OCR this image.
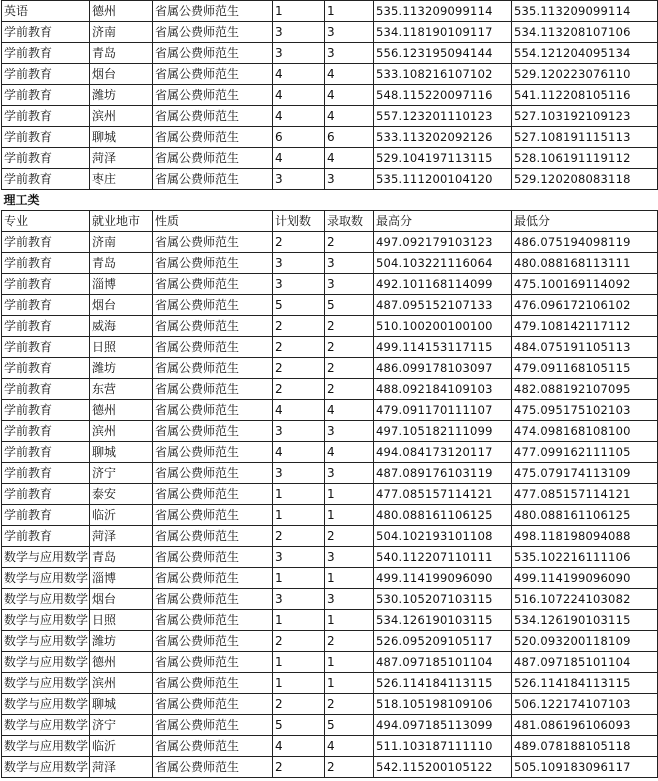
英语	德州	省属公费师范生	1	1	535.113209099114	535.113209099114
学前教育	济南	省属公费师范生	3	3	534.118190109117	534.113208107106
学前教育	青岛	省属公费师范生	3	3	556.123195094144	554.121204095134
学前教育	烟台	省属公费师范生	4	4	533.108216107102	529.120223076110
学前教育	潍坊	省属公费师范生	4	4	548.115220097116	541.112208105116
学前教育	滨州	省属公费师范生	4	4	557.123201110123	527.103192109123
学前教育	聊城	省属公费师范生	6	6	533.113202092126	527.108191115113
学前教育	菏泽	省属公费师范生	4	4	529.104197113115	528.106191119112
学前教育	枣庄	省属公费师范生	3	3	535.111200104120	529.120208083118
理工类						
专业	就业地市	性质	计划数	录取数	最高分	最低分
学前教育	济南	省属公费师范生	2	2	497.092179103123	486.075194098119
学前教育	青岛	省属公费师范生	3	3	504.103221116064	480.088168113111
学前教育	淄博	省属公费师范生	3	3	492.101168114099	475.100169114092
学前教育	烟台	省属公费师范生	5	5	487.095152107133	476.096172106102
学前教育	威海	省属公费师范生	2	2	510.100200100100	479.108142117112
学前教育	日照	省属公费师范生	2	2	499.114153117115	484.075191105113
学前教育	潍坊	省属公费师范生	2	2	486.099178103097	479.091168105115
学前教育	东营	省属公费师范生	2	2	488.092184109103	482.088192107095
学前教育	德州	省属公费师范生	4	4	479.091170111107	475.095175102103
学前教育	滨州	省属公费师范生	3	3	497.105182111099	474.098168108100
学前教育	聊城	省属公费师范生	4	4	494.084173120117	477.099162111105
学前教育	济宁	省属公费师范生	3	3	487.089176103119	475.079174113109
学前教育	泰安	省属公费师范生	1	1	477.085157114121	477.085157114121
学前教育	临沂	省属公费师范生	1	1	480.088161106125	480.088161106125
学前教育	菏泽	省属公费师范生	2	2	504.102193101108	498.118198094088
数学与应用数学	青岛	省属公费师范生	3	3	540.112207110111	535.102216111106
数学与应用数学	淄博	省属公费师范生	1	1	499.114199096090	499.114199096090
数学与应用数学	烟台	省属公费师范生	3	3	530.105207103115	516.107224103082
数学与应用数学	日照	省属公费师范生	1	1	534.126190103115	534.126190103115
数学与应用数学	潍坊	省属公费师范生	2	2	526.095209105117	520.093200118109
数学与应用数学	德州	省属公费师范生	1	1	487.097185101104	487.097185101104
数学与应用数学	滨州	省属公费师范生	1	1	526.114184113115	526.114184113115
数学与应用数学	聊城	省属公费师范生	2	2	518.105198109106	506.122174107103
数学与应用数学	济宁	省属公费师范生	5	5	494.097185113099	481.086196106093
数学与应用数学	临沂	省属公费师范生	4	4	511.103187111110	489.078188105118
数学与应用数学	菏泽	省属公费师范生	2	2	542.115200105122	505.109183096117
